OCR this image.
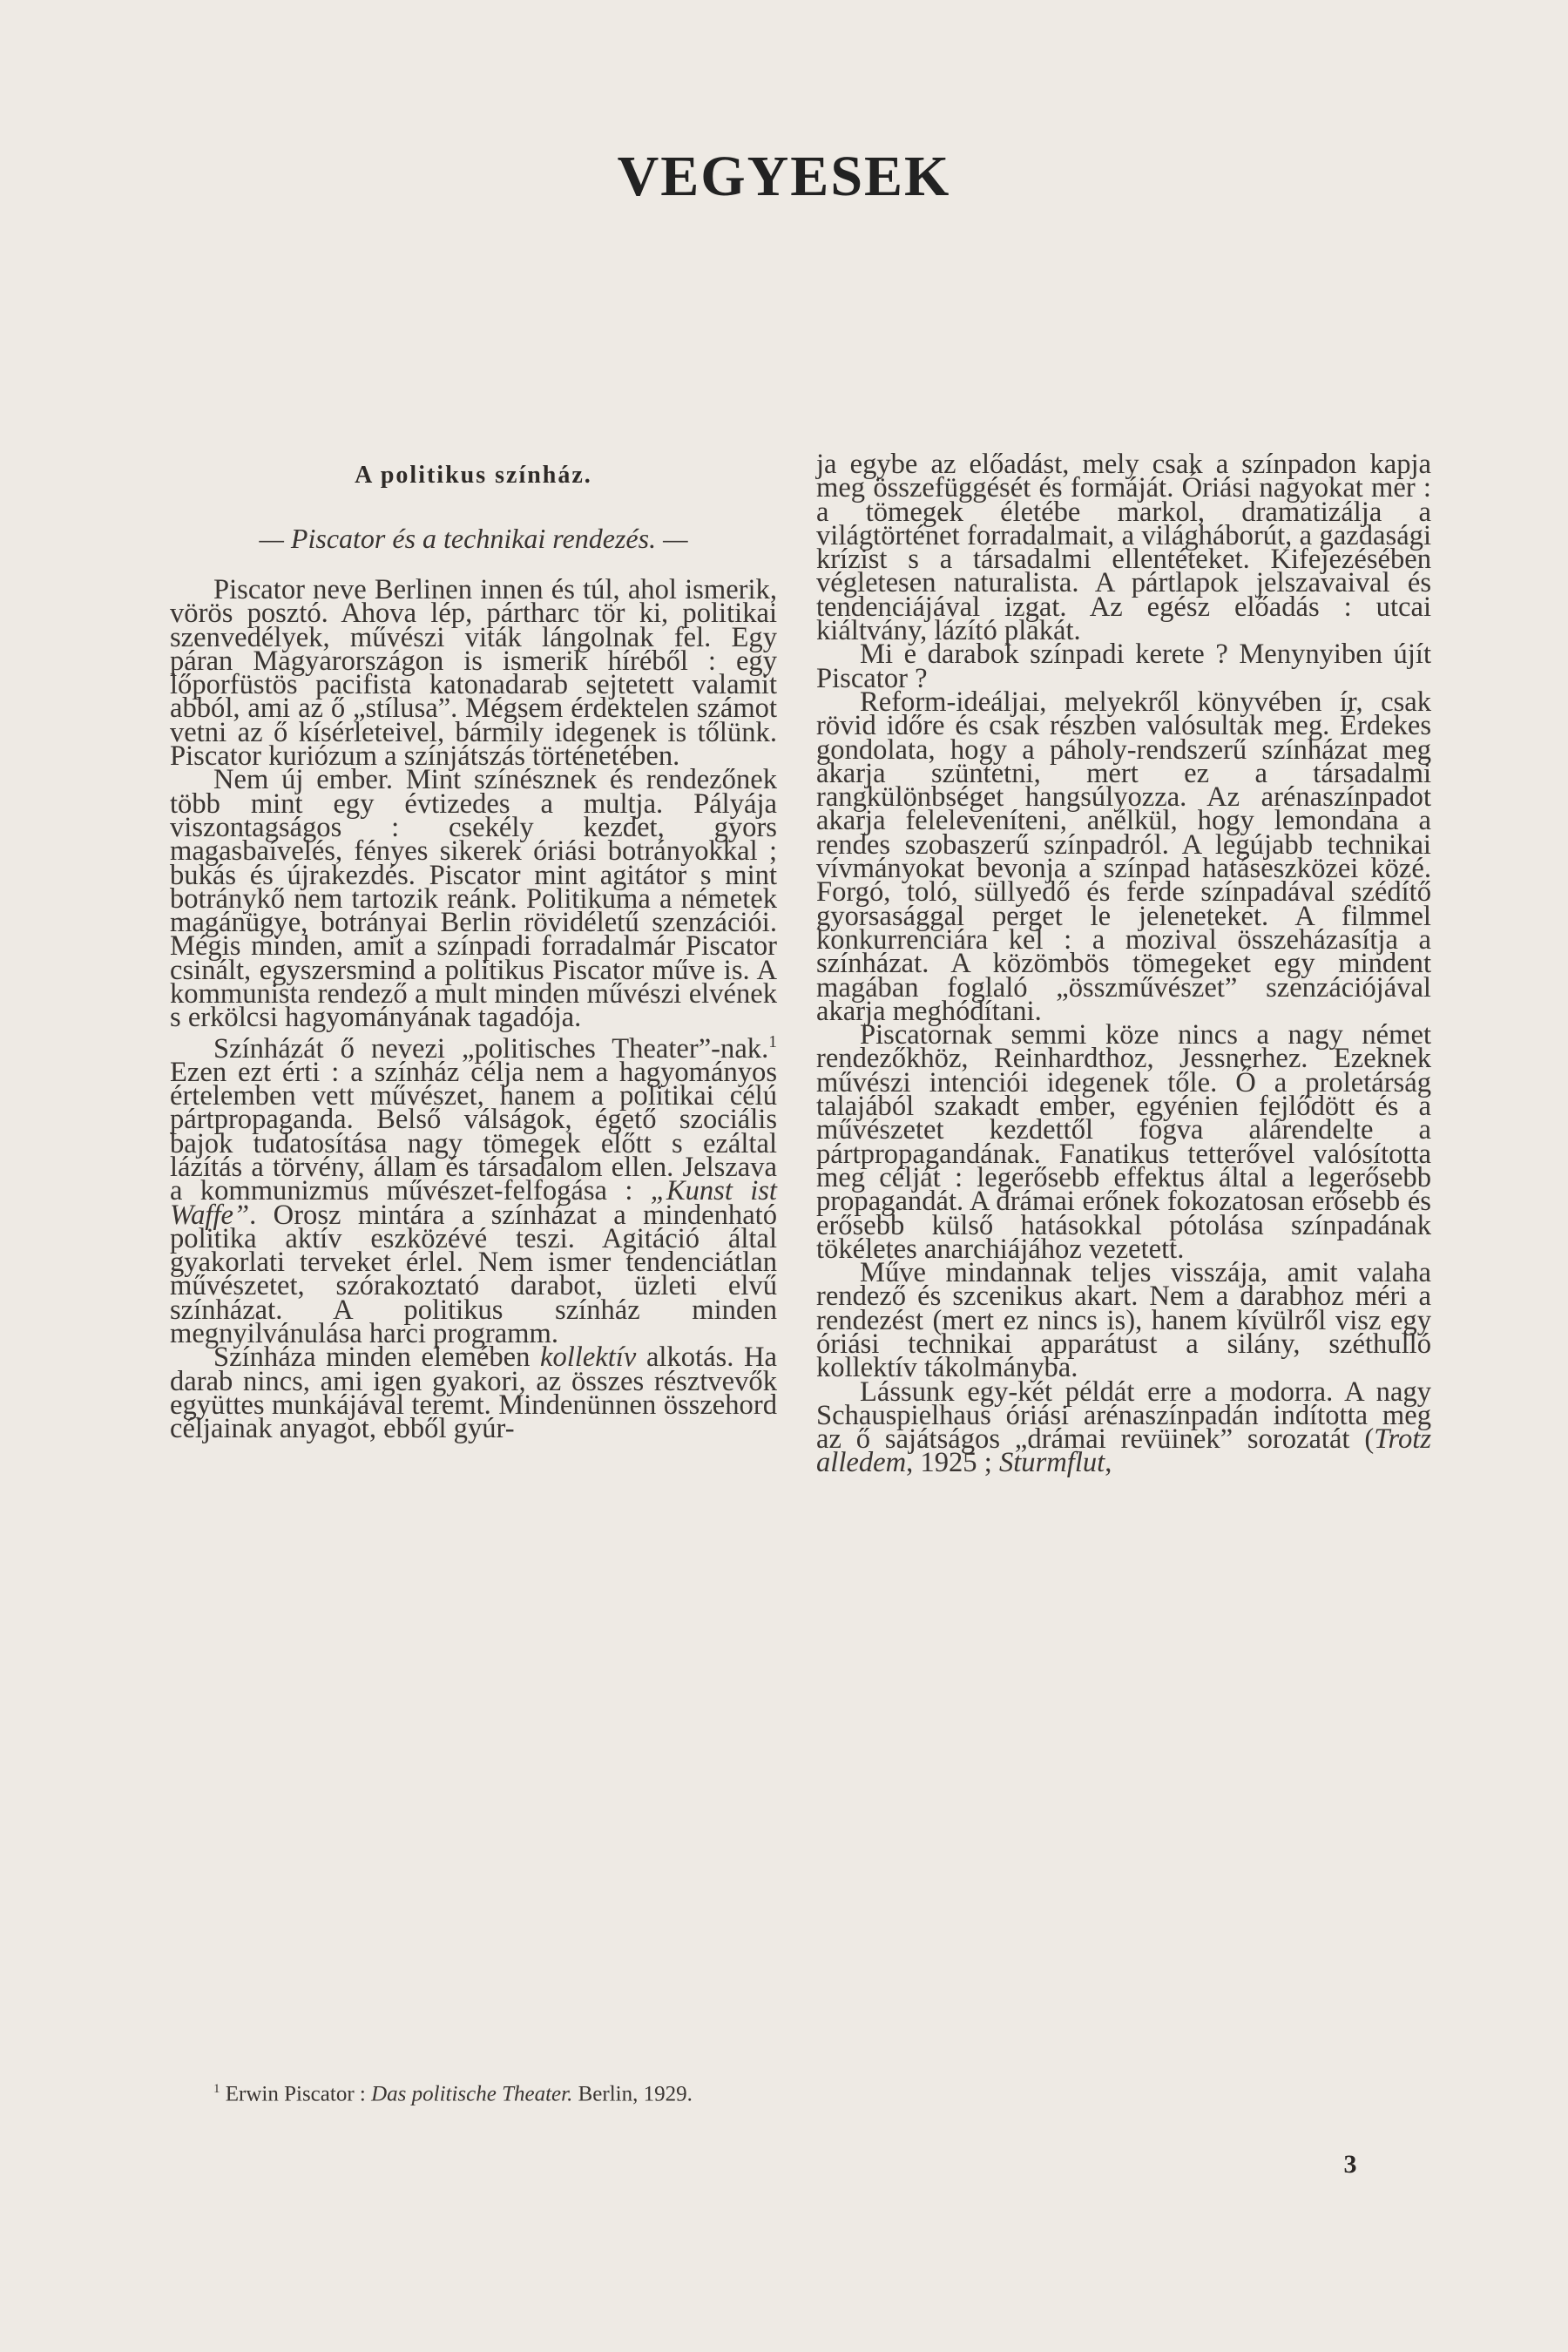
VEGYESEK
A politikus színház.
— Piscator és a technikai rendezés. —

Piscator neve Berlinen innen és túl, ahol ismerik, vörös posztó. Ahova lép, pártharc tör ki, politikai szenvedélyek, művészi viták lángolnak fel. Egy páran Magyarországon is ismerik híréből : egy lőporfüstös pacifista katonadarab sejtetett valamit abból, ami az ő „stílusa”. Mégsem érdektelen számot vetni az ő kísérleteivel, bármily idegenek is tőlünk. Piscator kuriózum a színjátszás történetében.

Nem új ember. Mint színésznek és rendezőnek több mint egy évtizedes a multja. Pályája viszontagságos : csekély kezdet, gyors magasbaívelés, fényes sikerek óriási botrányokkal ; bukás és újrakezdés. Piscator mint agitátor s mint botránykő nem tartozik reánk. Politikuma a németek magánügye, botrányai Berlin rövidéletű szenzációi. Mégis minden, amit a színpadi forradalmár Piscator csinált, egyszersmind a politikus Piscator műve is. A kommunista rendező a mult minden művészi elvének s erkölcsi hagyományának tagadója.

Színházát ő nevezi „politisches Theater”-nak.$^1$ Ezen ezt érti : a színház célja nem a hagyományos értelemben vett művészet, hanem a politikai célú pártpropaganda. Belső válságok, égető szociális bajok tudatosítása nagy tömegek előtt s ezáltal lázítás a törvény, állam és társadalom ellen. Jelszava a kommunizmus művészet-felfogása : „Kunst ist Waffe”. Orosz mintára a színházat a mindenható politika aktív eszközévé teszi. Agitáció által gyakorlati terveket érlel. Nem ismer tendenciátlan művészetet, szórakoztató darabot, üzleti elvű színházat. A politikus színház minden megnyilvánulása harci programm.

Színháza minden elemében kollektív alkotás. Ha darab nincs, ami igen gyakori, az összes résztvevők együttes munkájával teremt. Mindenünnen összehord céljainak anyagot, ebből gyúr-

ja egybe az előadást, mely csak a színpadon kapja meg összefüggését és formáját. Óriási nagyokat mer : a tömegek életébe markol, dramatizálja a világtörténet forradalmait, a világháborút, a gazdasági krízist s a társadalmi ellentéteket. Kifejezésében végletesen naturalista. A pártlapok jelszavaival és tendenciájával izgat. Az egész előadás : utcai kiáltvány, lázító plakát.

Mi e darabok színpadi kerete ? Menynyiben újít Piscator ?

Reform-ideáljai, melyekről könyvében ír, csak rövid időre és csak részben valósultak meg. Érdekes gondolata, hogy a páholy-rendszerű színházat meg akarja szüntetni, mert ez a társadalmi rangkülönbséget hangsúlyozza. Az arénaszínpadot akarja feleleveníteni, anélkül, hogy lemondana a rendes szobaszerű színpadról. A legújabb technikai vívmányokat bevonja a színpad hatáseszközei közé. Forgó, toló, süllyedő és ferde színpadával szédítő gyorsasággal perget le jeleneteket. A filmmel konkurrenciára kel : a mozival összeházasítja a színházat. A közömbös tömegeket egy mindent magában foglaló „összművészet” szenzációjával akarja meghódítani.

Piscatornak semmi köze nincs a nagy német rendezőkhöz, Reinhardthoz, Jessnerhez. Ezeknek művészi intenciói idegenek tőle. Ő a proletárság talajából szakadt ember, egyénien fejlődött és a művészetet kezdettől fogva alárendelte a pártpropagandának. Fanatikus tetterővel valósította meg célját : legerősebb effektus által a legerősebb propagandát. A drámai erőnek fokozatosan erősebb és erősebb külső hatásokkal pótolása színpadának tökéletes anarchiájához vezetett.

Műve mindannak teljes visszája, amit valaha rendező és szcenikus akart. Nem a darabhoz méri a rendezést (mert ez nincs is), hanem kívülről visz egy óriási technikai apparátust a silány, széthulló kollektív tákolmányba.

Lássunk egy-két példát erre a modorra. A nagy Schauspielhaus óriási arénaszínpadán indította meg az ő sajátságos „drámai revüinek” sorozatát (Trotz alledem, 1925 ; Sturmflut,

$^1$ Erwin Piscator : Das politische Theater. Berlin, 1929.
3
